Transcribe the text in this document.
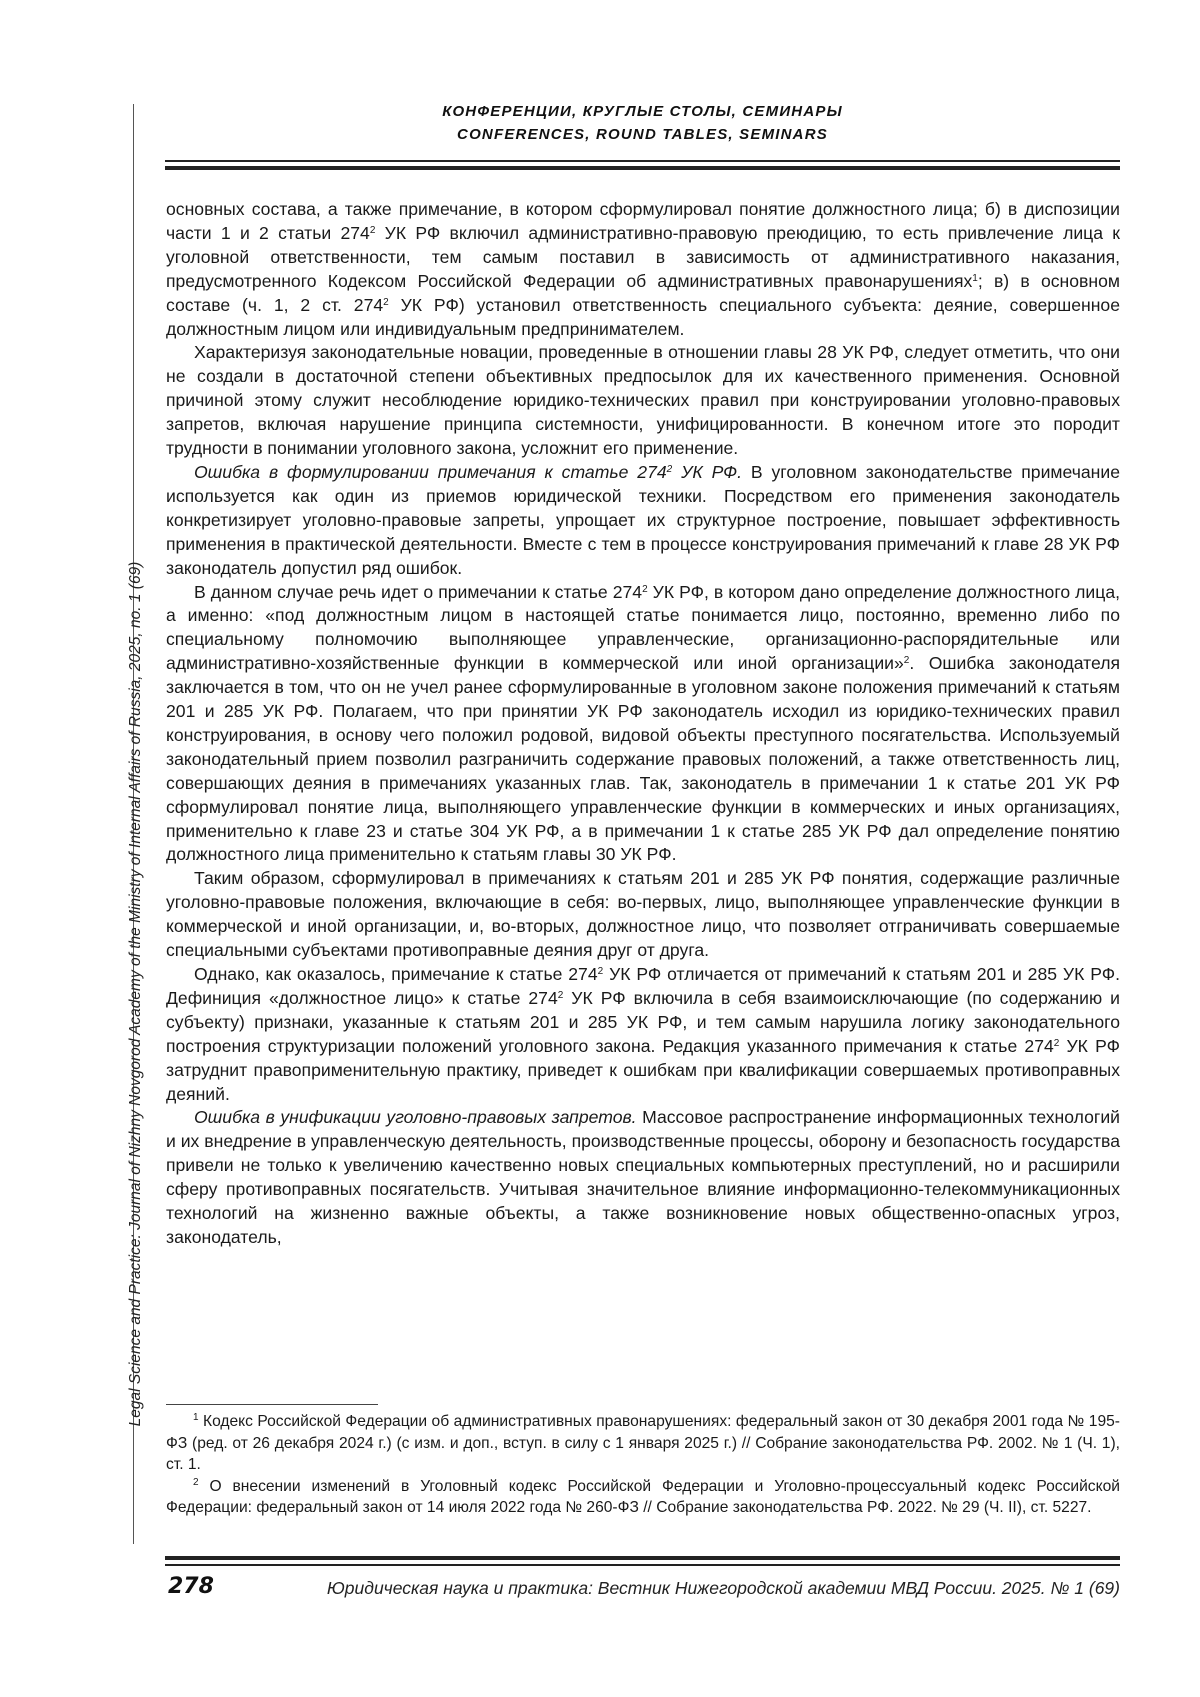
Legal Science and Practice: Journal of Nizhny Novgorod Academy of the Ministry of Internal Affairs of Russia, 2025, no. 1 (69)
КОНФЕРЕНЦИИ, КРУГЛЫЕ СТОЛЫ, СЕМИНАРЫ
CONFERENCES, ROUND TABLES, SEMINARS

основных состава, а также примечание, в котором сформулировал понятие должностного лица; б) в диспозиции части 1 и 2 статьи $274^2$ УК РФ включил административно-правовую преюдицию, то есть привлечение лица к уголовной ответственности, тем самым поставил в зависимость от административного наказания, предусмотренного Кодексом Российской Федерации об административных правонарушениях$^1$; в) в основном составе (ч. 1, 2 ст. $274^2$ УК РФ) установил ответственность специального субъекта: деяние, совершенное должностным лицом или индивидуальным предпринимателем.

Характеризуя законодательные новации, проведенные в отношении главы 28 УК РФ, следует отметить, что они не создали в достаточной степени объективных предпосылок для их качественного применения. Основной причиной этому служит несоблюдение юридико-технических правил при конструировании уголовно-правовых запретов, включая нарушение принципа системности, унифицированности. В конечном итоге это породит трудности в понимании уголовного закона, усложнит его применение.

Ошибка в формулировании примечания к статье $274^2$ УК РФ. В уголовном законодательстве примечание используется как один из приемов юридической техники. Посредством его применения законодатель конкретизирует уголовно-правовые запреты, упрощает их структурное построение, повышает эффективность применения в практической деятельности. Вместе с тем в процессе конструирования примечаний к главе 28 УК РФ законодатель допустил ряд ошибок.

В данном случае речь идет о примечании к статье $274^2$ УК РФ, в котором дано определение должностного лица, а именно: «под должностным лицом в настоящей статье понимается лицо, постоянно, временно либо по специальному полномочию выполняющее управленческие, организационно-распорядительные или административно-хозяйственные функции в коммерческой или иной организации»$^2$. Ошибка законодателя заключается в том, что он не учел ранее сформулированные в уголовном законе положения примечаний к статьям 201 и 285 УК РФ. Полагаем, что при принятии УК РФ законодатель исходил из юридико-технических правил конструирования, в основу чего положил родовой, видовой объекты преступного посягательства. Используемый законодательный прием позволил разграничить содержание правовых положений, а также ответственность лиц, совершающих деяния в примечаниях указанных глав. Так, законодатель в примечании 1 к статье 201 УК РФ сформулировал понятие лица, выполняющего управленческие функции в коммерческих и иных организациях, применительно к главе 23 и статье 304 УК РФ, а в примечании 1 к статье 285 УК РФ дал определение понятию должностного лица применительно к статьям главы 30 УК РФ.

Таким образом, сформулировал в примечаниях к статьям 201 и 285 УК РФ понятия, содержащие различные уголовно-правовые положения, включающие в себя: во-первых, лицо, выполняющее управленческие функции в коммерческой и иной организации, и, во-вторых, должностное лицо, что позволяет отграничивать совершаемые специальными субъектами противоправные деяния друг от друга.

Однако, как оказалось, примечание к статье $274^2$ УК РФ отличается от примечаний к статьям 201 и 285 УК РФ. Дефиниция «должностное лицо» к статье $274^2$ УК РФ включила в себя взаимоисключающие (по содержанию и субъекту) признаки, указанные к статьям 201 и 285 УК РФ, и тем самым нарушила логику законодательного построения структуризации положений уголовного закона. Редакция указанного примечания к статье $274^2$ УК РФ затруднит правоприменительную практику, приведет к ошибкам при квалификации совершаемых противоправных деяний.

Ошибка в унификации уголовно-правовых запретов. Массовое распространение информационных технологий и их внедрение в управленческую деятельность, производственные процессы, оборону и безопасность государства привели не только к увеличению качественно новых специальных компьютерных преступлений, но и расширили сферу противоправных посягательств. Учитывая значительное влияние информационно-телекоммуникационных технологий на жизненно важные объекты, а также возникновение новых общественно-опасных угроз, законодатель,

$^1$ Кодекс Российской Федерации об административных правонарушениях: федеральный закон от 30 декабря 2001 года № 195-ФЗ (ред. от 26 декабря 2024 г.) (с изм. и доп., вступ. в силу с 1 января 2025 г.) // Собрание законодательства РФ. 2002. № 1 (Ч. 1), ст. 1.

$^2$ О внесении изменений в Уголовный кодекс Российской Федерации и Уголовно-процессуальный кодекс Российской Федерации: федеральный закон от 14 июля 2022 года № 260-ФЗ // Собрание законодательства РФ. 2022. № 29 (Ч. II), ст. 5227.

278	Юридическая наука и практика: Вестник Нижегородской академии МВД России. 2025. № 1 (69)
